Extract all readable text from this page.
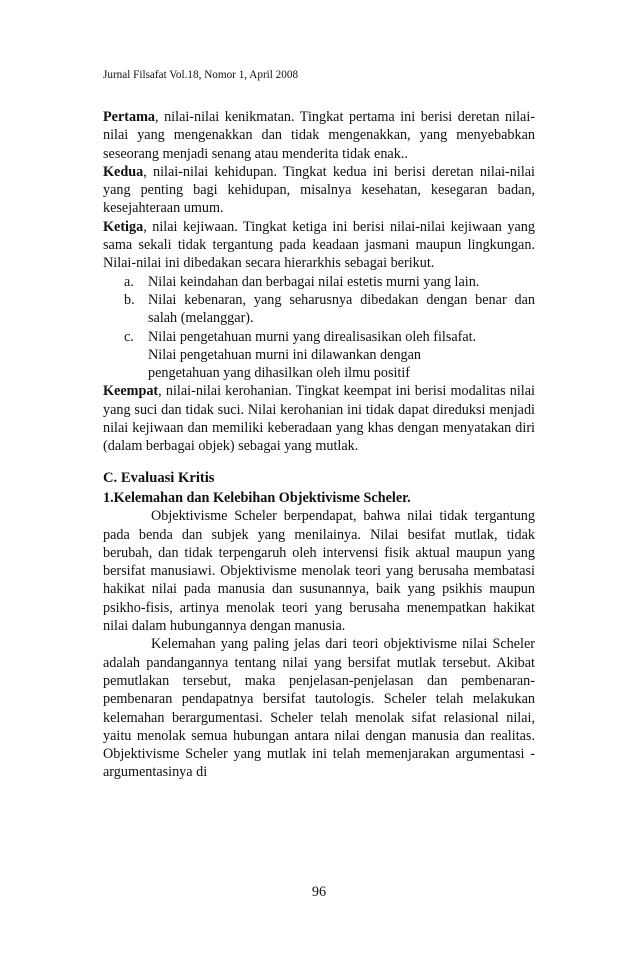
Jurnal Filsafat Vol.18, Nomor 1, April 2008

Pertama, nilai-nilai kenikmatan. Tingkat pertama ini berisi deretan nilai-nilai yang mengenakkan dan tidak mengenakkan, yang menyebabkan seseorang menjadi senang atau menderita tidak enak..

Kedua, nilai-nilai kehidupan. Tingkat kedua ini berisi deretan nilai-nilai yang penting bagi kehidupan, misalnya kesehatan, kesegaran badan, kesejahteraan umum.

Ketiga, nilai kejiwaan. Tingkat ketiga ini berisi nilai-nilai kejiwaan yang sama sekali tidak tergantung pada keadaan jasmani maupun lingkungan. Nilai-nilai ini dibedakan secara hierarkhis sebagai berikut.

a. Nilai keindahan dan berbagai nilai estetis murni yang lain.
b. Nilai kebenaran, yang seharusnya dibedakan dengan benar dan salah (melanggar).
c. Nilai pengetahuan murni yang direalisasikan oleh filsafat.

Nilai pengetahuan murni ini dilawankan dengan

pengetahuan yang dihasilkan oleh ilmu positif

Keempat, nilai-nilai kerohanian. Tingkat keempat ini berisi modalitas nilai yang suci dan tidak suci. Nilai kerohanian ini tidak dapat direduksi menjadi nilai kejiwaan dan memiliki keberadaan yang khas dengan menyatakan diri (dalam berbagai objek) sebagai yang mutlak.

C. Evaluasi Kritis

1.Kelemahan dan Kelebihan Objektivisme Scheler.

Objektivisme Scheler berpendapat, bahwa nilai tidak tergantung pada benda dan subjek yang menilainya. Nilai besifat mutlak, tidak berubah, dan tidak terpengaruh oleh intervensi fisik aktual maupun yang bersifat manusiawi. Objektivisme menolak teori yang berusaha membatasi hakikat nilai pada manusia dan susunannya, baik yang psikhis maupun psikho-fisis, artinya menolak teori yang berusaha menempatkan hakikat nilai dalam hubungannya dengan manusia.

Kelemahan yang paling jelas dari teori objektivisme nilai Scheler adalah pandangannya tentang nilai yang bersifat mutlak tersebut. Akibat pemutlakan tersebut, maka penjelasan-penjelasan dan pembenaran-pembenaran pendapatnya bersifat tautologis. Scheler telah melakukan kelemahan berargumentasi. Scheler telah menolak sifat relasional nilai, yaitu menolak semua hubungan antara nilai dengan manusia dan realitas. Objektivisme Scheler yang mutlak ini telah memenjarakan argumentasi - argumentasinya di

96
